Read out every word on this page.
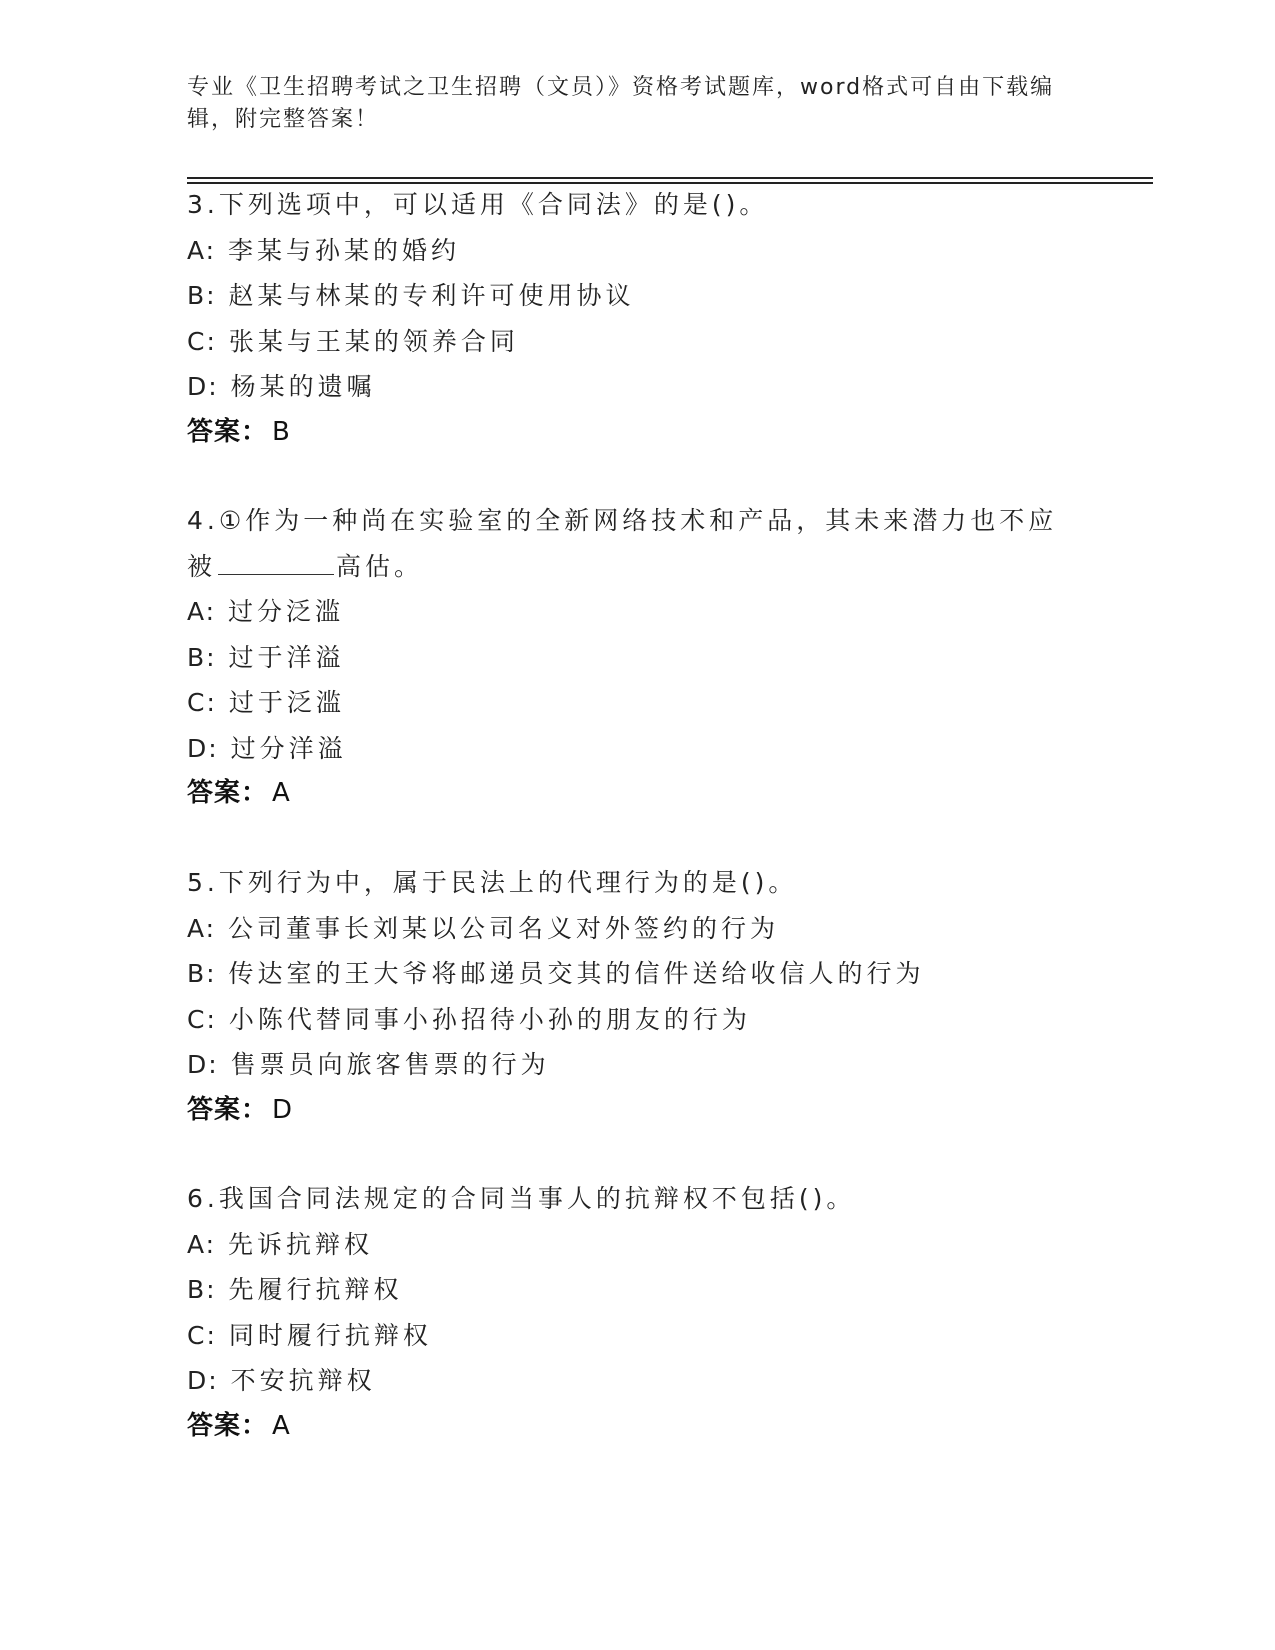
专业《卫生招聘考试之卫生招聘（文员）》资格考试题库，word格式可自由下载编辑，附完整答案！
3.下列选项中，可以适用《合同法》的是()。
A: 李某与孙某的婚约
B: 赵某与林某的专利许可使用协议
C: 张某与王某的领养合同
D: 杨某的遗嘱
答案： B
4.①作为一种尚在实验室的全新网络技术和产品，其未来潜力也不应被	高估。
A: 过分泛滥
B: 过于洋溢
C: 过于泛滥
D: 过分洋溢
答案： A
5.下列行为中，属于民法上的代理行为的是()。
A: 公司董事长刘某以公司名义对外签约的行为
B: 传达室的王大爷将邮递员交其的信件送给收信人的行为
C: 小陈代替同事小孙招待小孙的朋友的行为
D: 售票员向旅客售票的行为
答案： D
6.我国合同法规定的合同当事人的抗辩权不包括()。
A: 先诉抗辩权
B: 先履行抗辩权
C: 同时履行抗辩权
D: 不安抗辩权
答案： A
